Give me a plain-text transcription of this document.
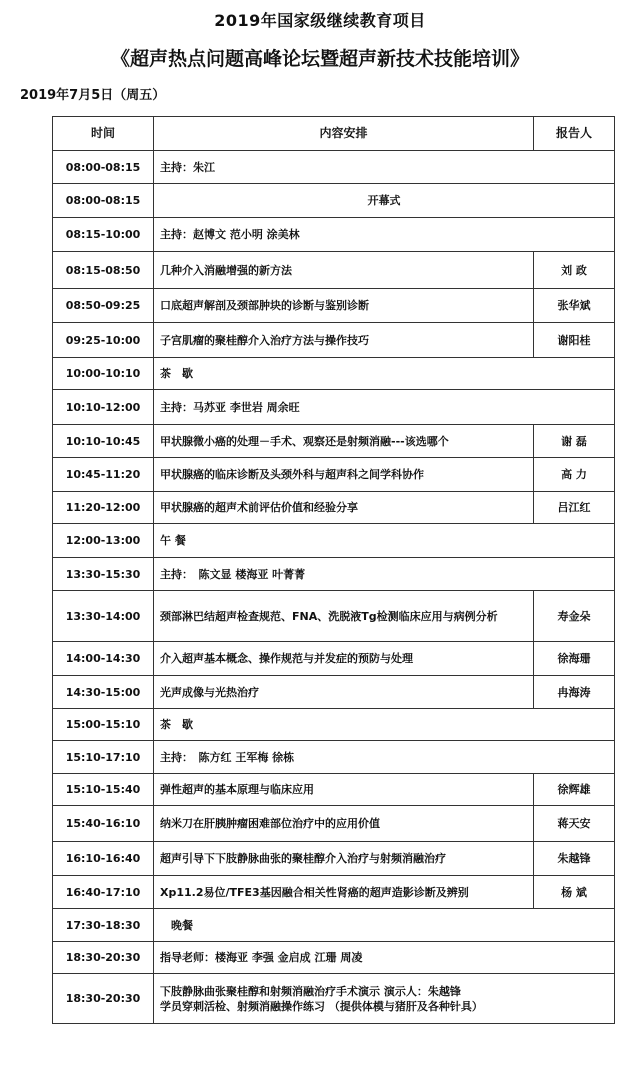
2019年国家级继续教育项目
《超声热点问题高峰论坛暨超声新技术技能培训》
2019年7月5日（周五）
时间	内容安排	报告人
08:00-08:15	主持：朱江	

08:00-08:15	开幕式	

08:15-10:00	主持：赵博文 范小明 涂美林	

08:15-08:50	几种介入消融增强的新方法	刘 政
08:50-09:25	口底超声解剖及颈部肿块的诊断与鉴别诊断	张华斌
09:25-10:00	子宫肌瘤的聚桂醇介入治疗方法与操作技巧	谢阳桂
10:00-10:10	茶　歇	

10:10-12:00	主持：马苏亚 李世岩 周余旺	

10:10-10:45	甲状腺微小癌的处理－手术、观察还是射频消融---该选哪个	谢 磊
10:45-11:20	甲状腺癌的临床诊断及头颈外科与超声科之间学科协作	高 力
11:20-12:00	甲状腺癌的超声术前评估价值和经验分享	吕江红
12:00-13:00	午 餐	

13:30-15:30	主持：　陈文显 楼海亚 叶菁菁	

13:30-14:00	颈部淋巴结超声检查规范、FNA、洗脱液Tg检测临床应用与病例分析	寿金朵
14:00-14:30	介入超声基本概念、操作规范与并发症的预防与处理	徐海珊
14:30-15:00	光声成像与光热治疗	冉海涛
15:00-15:10	茶　歇	

15:10-17:10	主持：　陈方红 王军梅 徐栋	

15:10-15:40	弹性超声的基本原理与临床应用	徐辉雄
15:40-16:10	纳米刀在肝胰肿瘤困难部位治疗中的应用价值	蒋天安
16:10-16:40	超声引导下下肢静脉曲张的聚桂醇介入治疗与射频消融治疗	朱越锋
16:40-17:10	Xp11.2易位/TFE3基因融合相关性肾癌的超声造影诊断及辨别	杨 斌
17:30-18:30	　晚餐	

18:30-20:30	指导老师：楼海亚 李强 金启成 江珊 周凌	

18:30-20:30	下肢静脉曲张聚桂醇和射频消融治疗手术演示 演示人：朱越锋
学员穿刺活检、射频消融操作练习 （提供体模与猪肝及各种针具）	
